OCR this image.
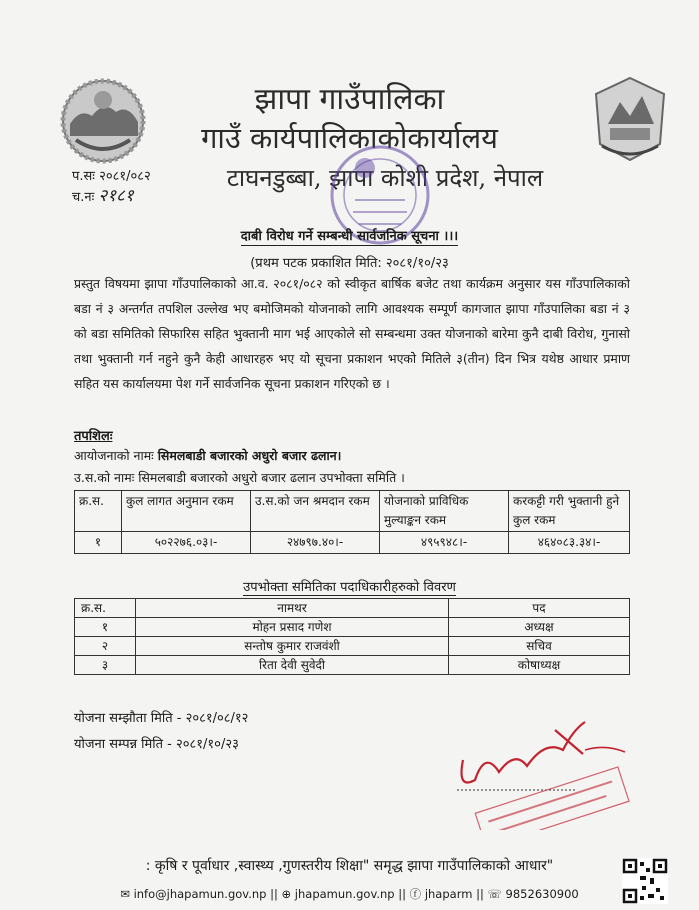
झापा गाउँपालिका
गाउँ कार्यपालिकाकोकार्यालय
टाघनडुब्बा, झापा कोशी प्रदेश, नेपाल
प.सः २०८१/०८२
च.नः २१८१
दाबी विरोध गर्ने सम्बन्धी सार्वजनिक सूचना ।।।
(प्रथम पटक प्रकाशित मिति: २०८१/१०/२३
प्रस्तुत विषयमा झापा गाँउपालिकाको आ.व. २०८१/०८२ को स्वीकृत बार्षिक बजेट तथा कार्यक्रम अनुसार यस गाँउपालिकाको बडा नं ३ अन्तर्गत तपशिल उल्लेख भए बमोजिमको योजनाको लागि आवश्यक सम्पूर्ण कागजात झापा गाँउपालिका बडा नं ३ को बडा समितिको सिफारिस सहित भुक्तानी माग भई आएकोले सो सम्बन्धमा उक्त योजनाको बारेमा कुनै दाबी विरोध, गुनासो तथा भुक्तानी गर्न नहुने कुनै केही आधारहरु भए यो सूचना प्रकाशन भएकोे मितिले ३(तीन) दिन भित्र यथेष्ठ आधार प्रमाण सहित यस कार्यालयमा पेश गर्ने सार्वजनिक सूचना प्रकाशन गरिएको छ ।
तपशिलः
आयोजनाको नामः सिमलबाडी बजारको अधुरो बजार ढलान।
उ.स.को नामः सिमलबाडी बजारको अधुरो बजार ढलान उपभोक्ता समिति ।
क्र.स.	कुल लागत अनुमान रकम	उ.स.को जन श्रमदान रकम	योजनाको प्राविधिक मुल्याङ्कन रकम	करकट्टी गरी भुक्तानी हुने कुल रकम
१	५०२२७६.०३।-	२४७९७.४०।-	४९५९४८।-	४६४०८३.३४।-
उपभोक्ता समितिका पदाधिकारीहरुको विवरण
क्र.स.	नामथर	पद
१	मोहन प्रसाद गणेश	अध्यक्ष
२	सन्तोष कुमार राजवंशी	सचिव
३	रिता देवी सुवेदी	कोषाध्यक्ष
योजना सम्झौता मिति - २०८१/०८/१२
योजना सम्पन्न मिति - २०८१/१०/२३
: कृषि र पूर्वाधार ,स्वास्थ्य ,गुणस्तरीय शिक्षा" समृद्ध झापा गाउँपालिकाको आधार"
✉ info@jhapamun.gov.np || ⊕ jhapamun.gov.np || ⓕ jhaparm || ☏ 9852630900
